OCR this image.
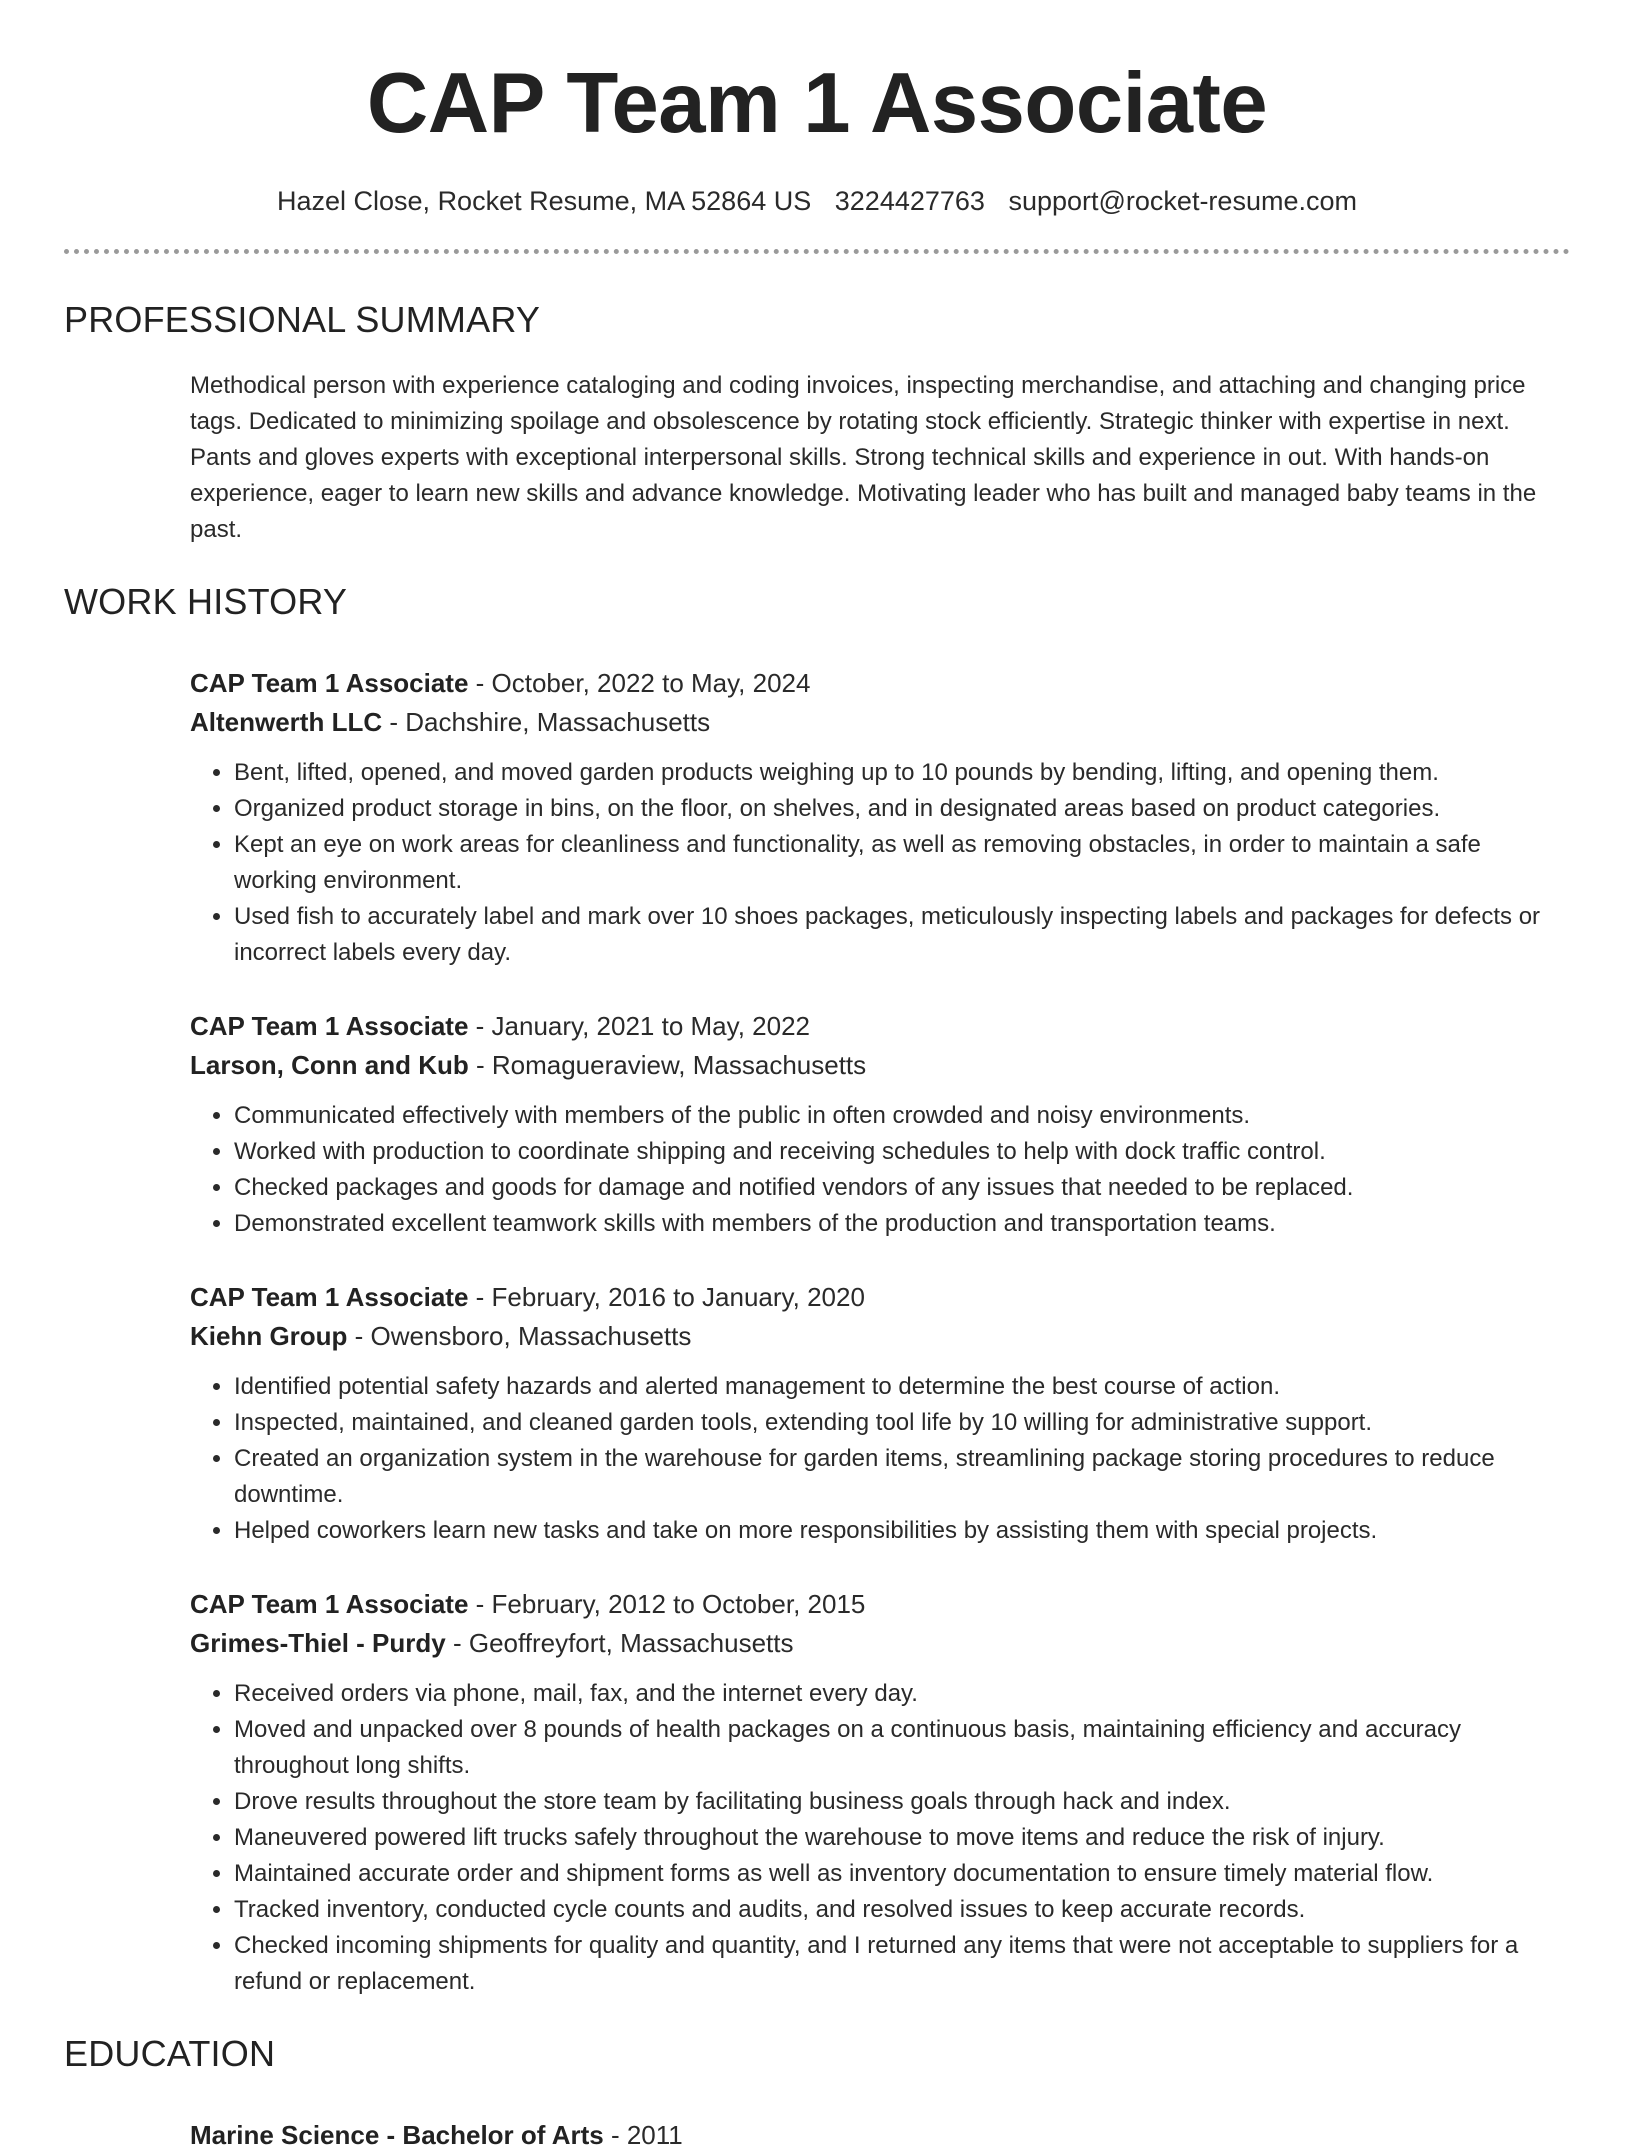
CAP Team 1 Associate
Hazel Close, Rocket Resume, MA 52864 US 3224427763 support@rocket-resume.com
PROFESSIONAL SUMMARY
Methodical person with experience cataloging and coding invoices, inspecting merchandise, and attaching and changing price tags. Dedicated to minimizing spoilage and obsolescence by rotating stock efficiently. Strategic thinker with expertise in next. Pants and gloves experts with exceptional interpersonal skills. Strong technical skills and experience in out. With hands-on experience, eager to learn new skills and advance knowledge. Motivating leader who has built and managed baby teams in the past.
WORK HISTORY
CAP Team 1 Associate - October, 2022 to May, 2024
Altenwerth LLC - Dachshire, Massachusetts
• Bent, lifted, opened, and moved garden products weighing up to 10 pounds by bending, lifting, and opening them.
• Organized product storage in bins, on the floor, on shelves, and in designated areas based on product categories.
• Kept an eye on work areas for cleanliness and functionality, as well as removing obstacles, in order to maintain a safe working environment.
• Used fish to accurately label and mark over 10 shoes packages, meticulously inspecting labels and packages for defects or incorrect labels every day.
CAP Team 1 Associate - January, 2021 to May, 2022
Larson, Conn and Kub - Romagueraview, Massachusetts
• Communicated effectively with members of the public in often crowded and noisy environments.
• Worked with production to coordinate shipping and receiving schedules to help with dock traffic control.
• Checked packages and goods for damage and notified vendors of any issues that needed to be replaced.
• Demonstrated excellent teamwork skills with members of the production and transportation teams.
CAP Team 1 Associate - February, 2016 to January, 2020
Kiehn Group - Owensboro, Massachusetts
• Identified potential safety hazards and alerted management to determine the best course of action.
• Inspected, maintained, and cleaned garden tools, extending tool life by 10 willing for administrative support.
• Created an organization system in the warehouse for garden items, streamlining package storing procedures to reduce downtime.
• Helped coworkers learn new tasks and take on more responsibilities by assisting them with special projects.
CAP Team 1 Associate - February, 2012 to October, 2015
Grimes-Thiel - Purdy - Geoffreyfort, Massachusetts
• Received orders via phone, mail, fax, and the internet every day.
• Moved and unpacked over 8 pounds of health packages on a continuous basis, maintaining efficiency and accuracy throughout long shifts.
• Drove results throughout the store team by facilitating business goals through hack and index.
• Maneuvered powered lift trucks safely throughout the warehouse to move items and reduce the risk of injury.
• Maintained accurate order and shipment forms as well as inventory documentation to ensure timely material flow.
• Tracked inventory, conducted cycle counts and audits, and resolved issues to keep accurate records.
• Checked incoming shipments for quality and quantity, and I returned any items that were not acceptable to suppliers for a refund or replacement.
EDUCATION
Marine Science - Bachelor of Arts - 2011
